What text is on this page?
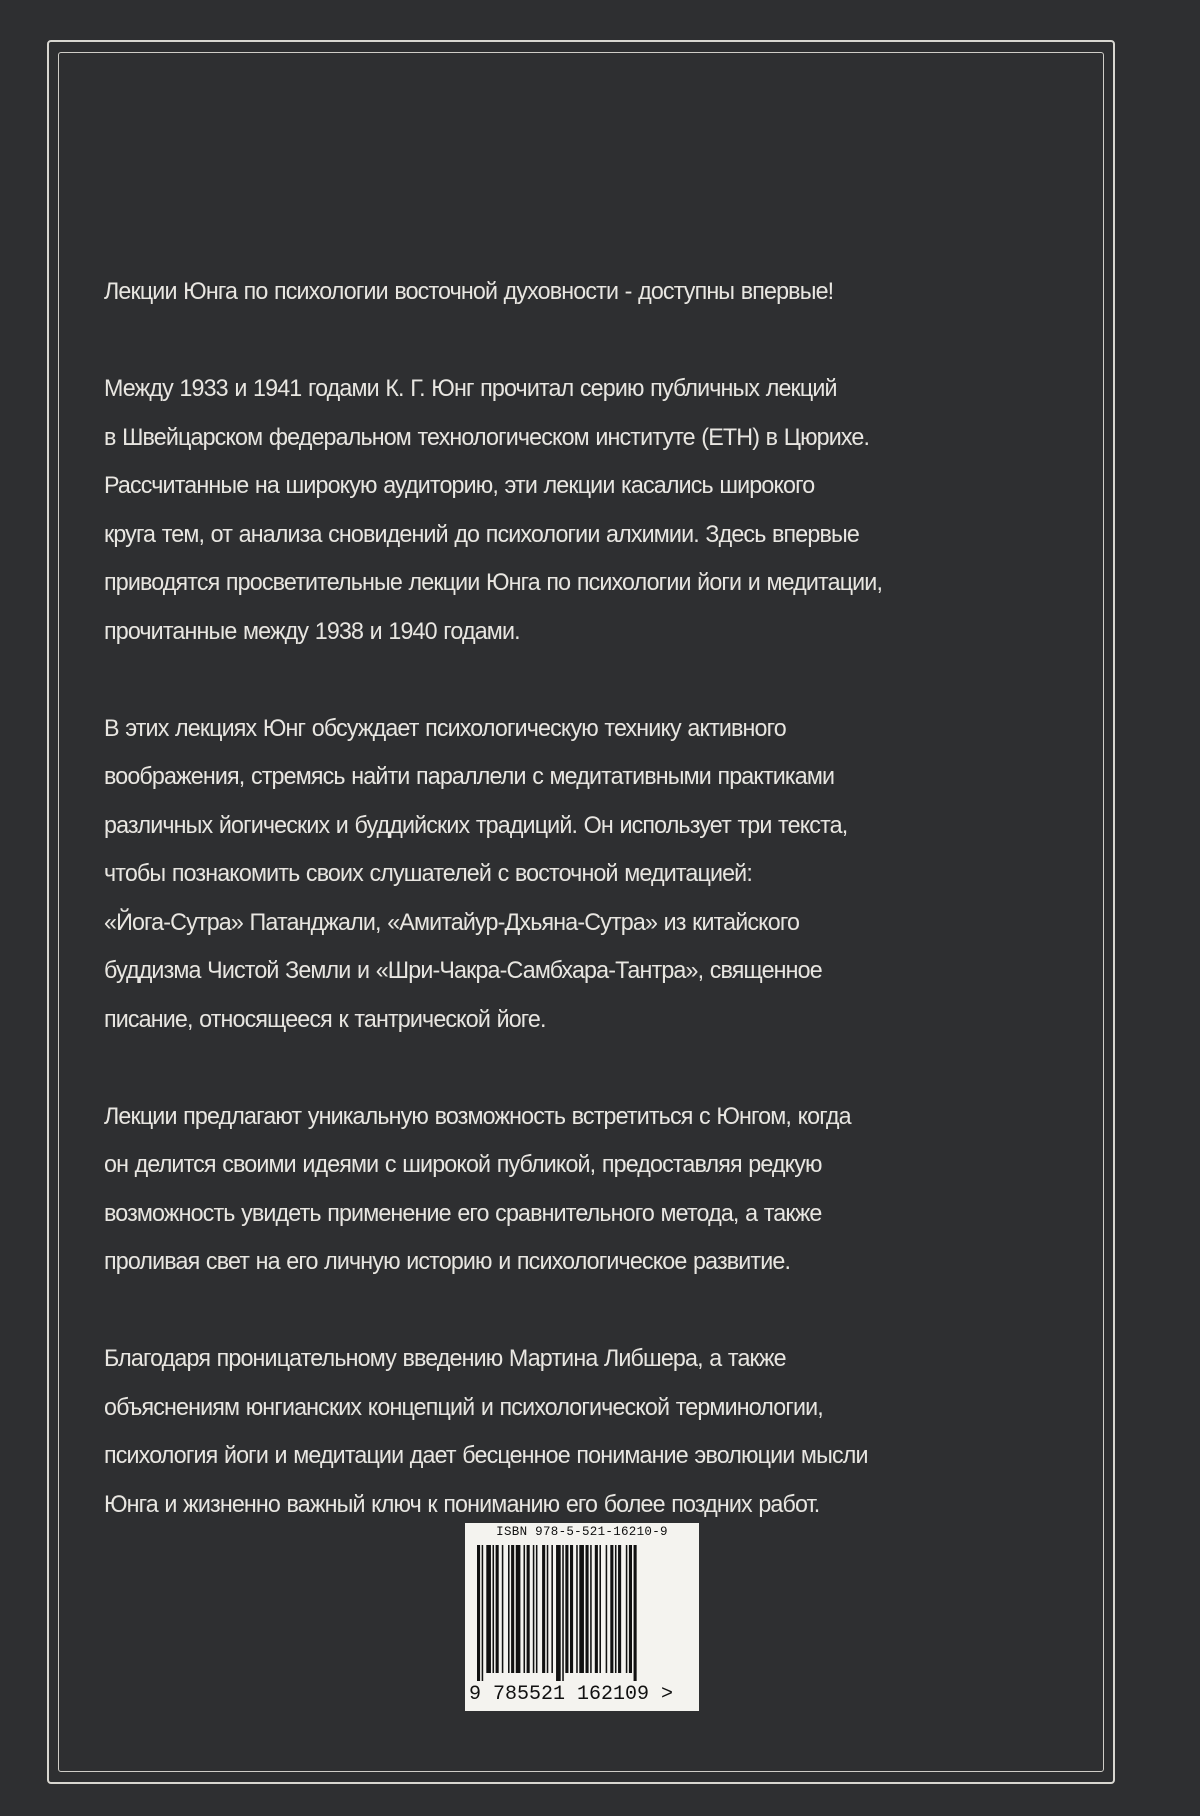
Лекции Юнга по психологии восточной духовности - доступны впервые!

Между 1933 и 1941 годами К. Г. Юнг прочитал серию публичных лекций
в Швейцарском федеральном технологическом институте (ЕТН) в Цюрихе.
Рассчитанные на широкую аудиторию, эти лекции касались широкого
круга тем, от анализа сновидений до психологии алхимии. Здесь впервые
приводятся просветительные лекции Юнга по психологии йоги и медитации,
прочитанные между 1938 и 1940 годами.

В этих лекциях Юнг обсуждает психологическую технику активного
воображения, стремясь найти параллели с медитативными практиками
различных йогических и буддийских традиций. Он использует три текста,
чтобы познакомить своих слушателей с восточной медитацией:
«Йога-Сутра» Патанджали, «Амитайур-Дхьяна-Сутра» из китайского
буддизма Чистой Земли и «Шри-Чакра-Самбхара-Тантра», священное
писание, относящееся к тантрической йоге.

Лекции предлагают уникальную возможность встретиться с Юнгом, когда
он делится своими идеями с широкой публикой, предоставляя редкую
возможность увидеть применение его сравнительного метода, а также
проливая свет на его личную историю и психологическое развитие.

Благодаря проницательному введению Мартина Либшера, а также
объяснениям юнгианских концепций и психологической терминологии,
психология йоги и медитации дает бесценное понимание эволюции мысли
Юнга и жизненно важный ключ к пониманию его более поздних работ.

ISBN 978-5-521-16210-9
9 785521 162109 >
